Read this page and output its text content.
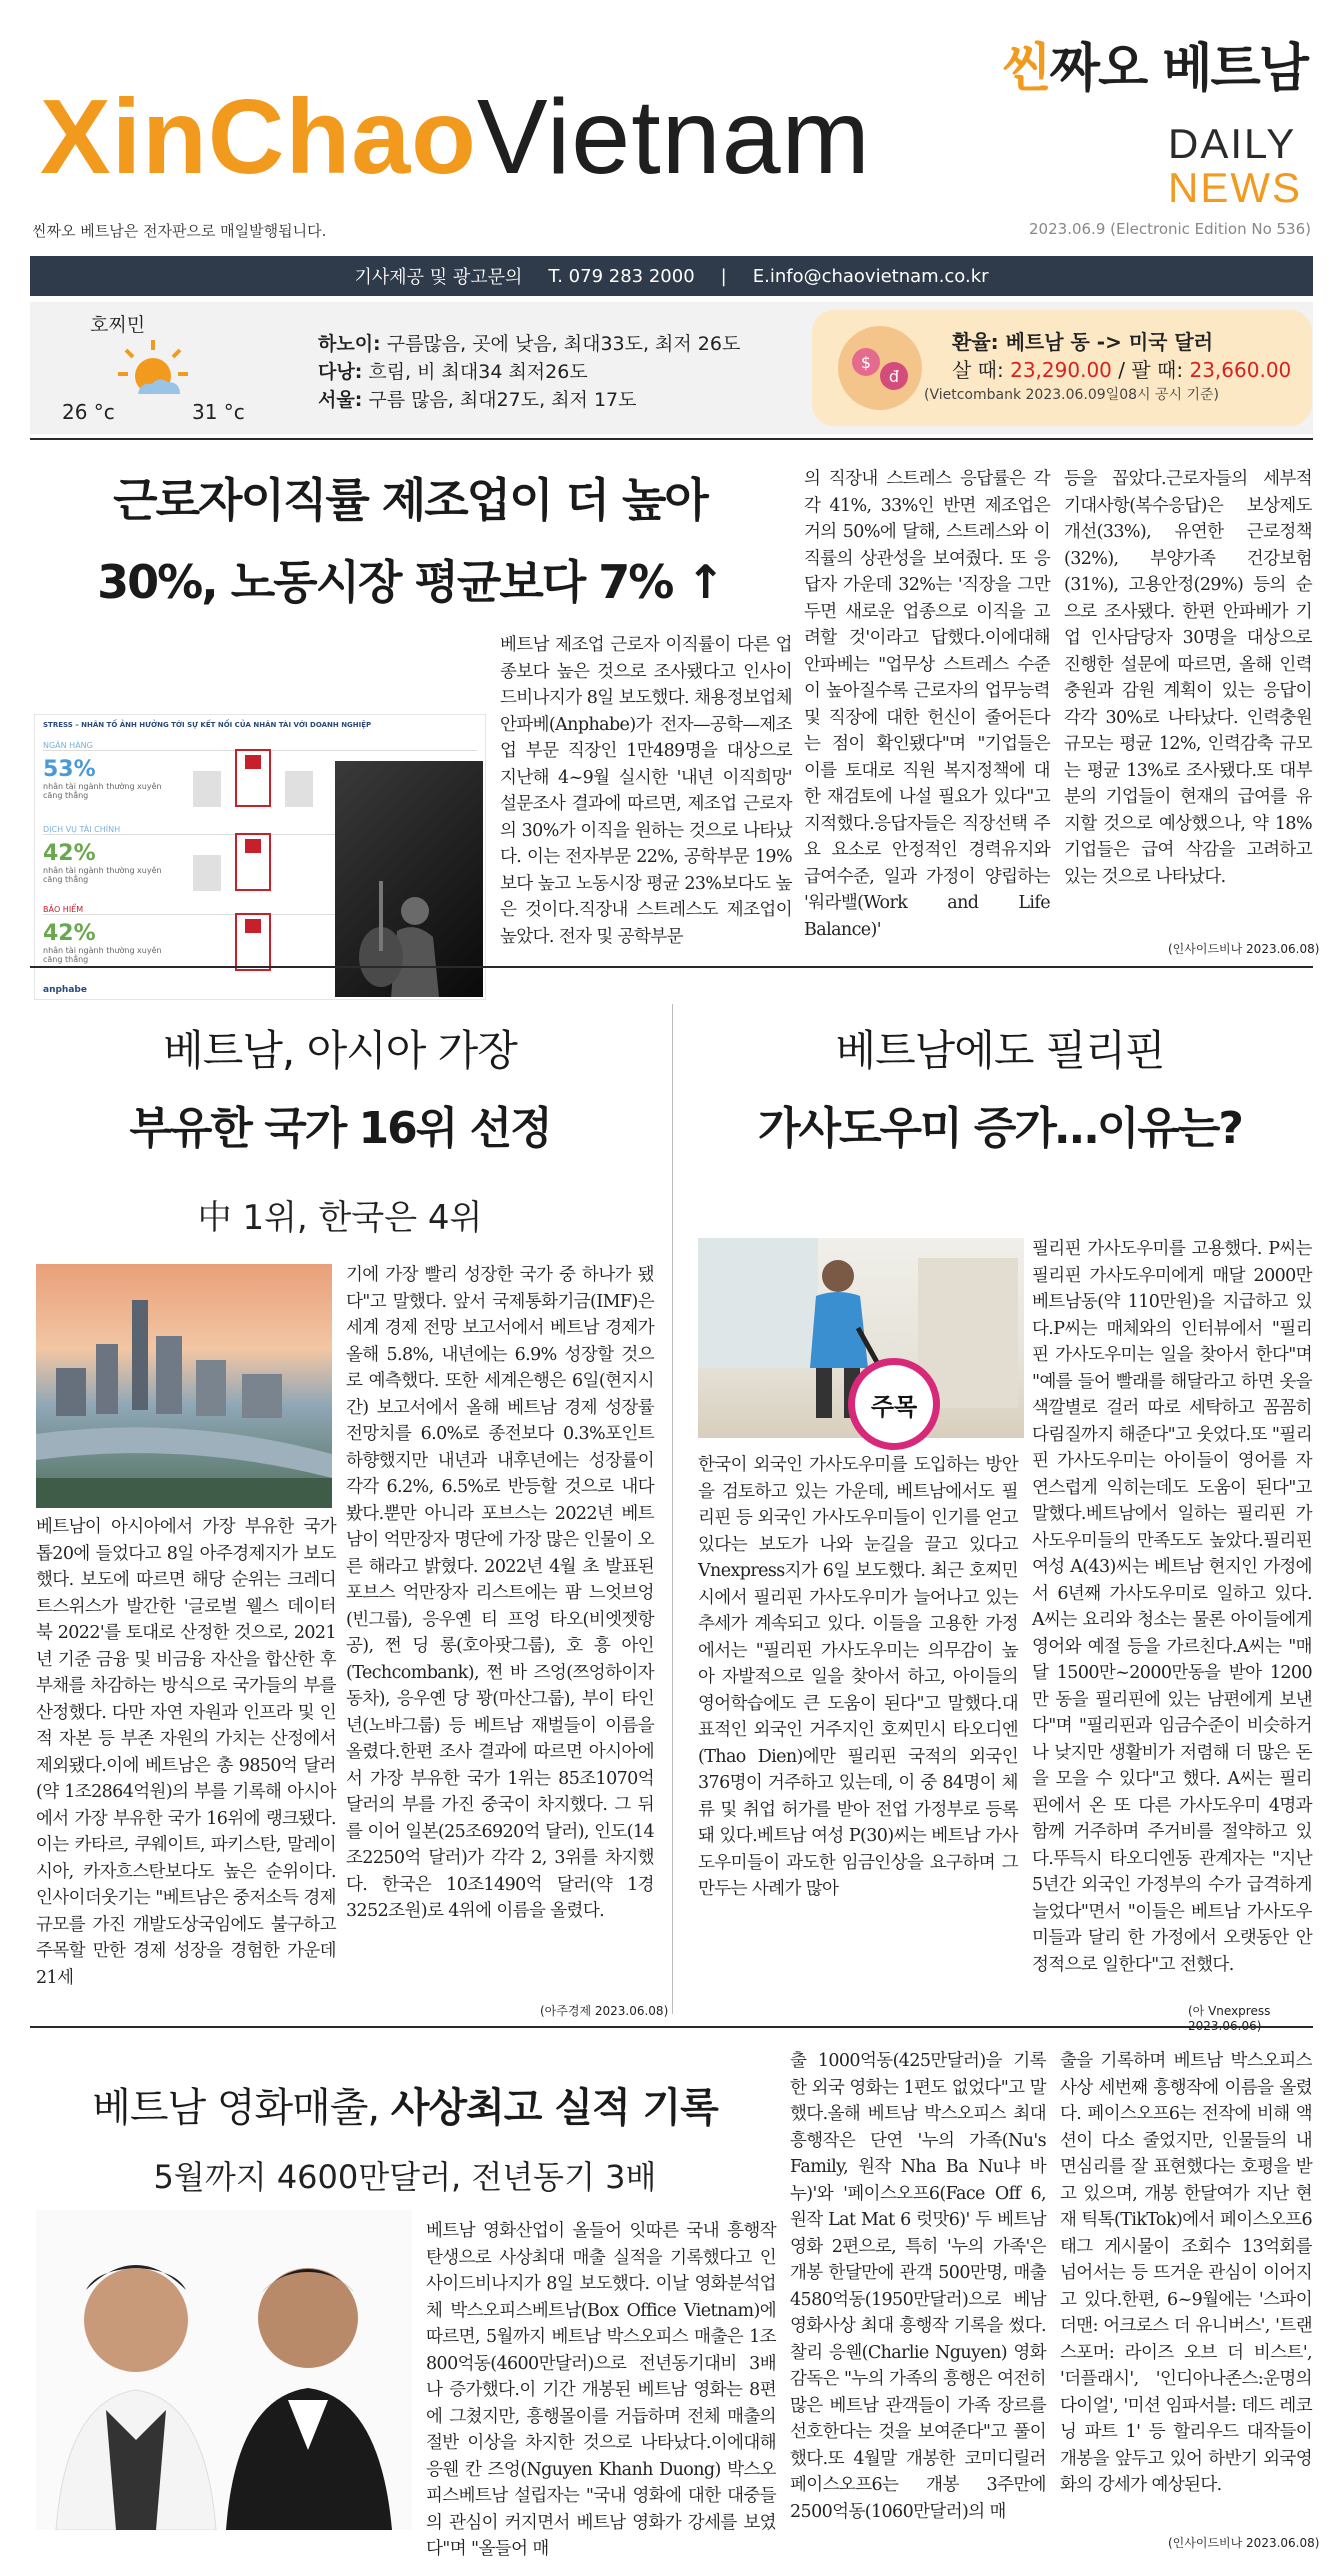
씬짜오 베트남
XinChaoVietnam	DAILY
NEWS
씬짜오 베트남은 전자판으로 매일발행됩니다.	2023.06.9 (Electronic Edition No 536)
기사제공 및 광고문의 T. 079 283 2000 | E.info@chaovietnam.co.kr
호찌민
26 °c	31 °c
하노이: 구름많음, 곳에 낮음, 최대33도, 최저 26도
다낭: 흐림, 비 최대34 최저26도
서울: 구름 많음, 최대27도, 최저 17도
$
đ
환율: 베트남 동 -> 미국 달러
살 때: 23,290.00 / 팔 때: 23,660.00
(Vietcombank 2023.06.09일08시 공시 기준)
근로자이직률 제조업이 더 높아
30%, 노동시장 평균보다 7% ↑
STRESS – NHÂN TỐ ẢNH HƯỞNG TỚI SỰ KẾT NỐI CỦA NHÂN TÀI VỚI DOANH NGHIỆP
NGÂN HÀNG
53%
nhân tài ngành thường xuyên căng thẳng
DỊCH VỤ TÀI CHÍNH
42%
nhân tài ngành thường xuyên căng thẳng
BẢO HIỂM
42%
nhân tài ngành thường xuyên căng thẳng
anphabe
베트남 제조업 근로자 이직률이 다른 업종보다 높은 것으로 조사됐다고 인사이드비나지가 8일 보도했다. 채용정보업체 안파베(Anphabe)가 전자—공학—제조업 부문 직장인 1만489명을 대상으로 지난해 4~9월 실시한 '내년 이직희망' 설문조사 결과에 따르면, 제조업 근로자의 30%가 이직을 원하는 것으로 나타났다. 이는 전자부문 22%, 공학부문 19%보다 높고 노동시장 평균 23%보다도 높은 것이다.직장내 스트레스도 제조업이 높았다. 전자 및 공학부문
의 직장내 스트레스 응답률은 각각 41%, 33%인 반면 제조업은 거의 50%에 달해, 스트레스와 이직률의 상관성을 보여줬다. 또 응답자 가운데 32%는 '직장을 그만두면 새로운 업종으로 이직을 고려할 것'이라고 답했다.이에대해 안파베는 "업무상 스트레스 수준이 높아질수록 근로자의 업무능력 및 직장에 대한 헌신이 줄어든다는 점이 확인됐다"며 "기업들은 이를 토대로 직원 복지정책에 대한 재검토에 나설 필요가 있다"고 지적했다.응답자들은 직장선택 주요 요소로 안정적인 경력유지와 급여수준, 일과 가정이 양립하는 '워라밸(Work and Life Balance)'
등을 꼽았다.근로자들의 세부적 기대사항(복수응답)은 보상제도 개선(33%), 유연한 근로정책(32%), 부양가족 건강보험(31%), 고용안정(29%) 등의 순으로 조사됐다. 한편 안파베가 기업 인사담당자 30명을 대상으로 진행한 설문에 따르면, 올해 인력 충원과 감원 계획이 있는 응답이 각각 30%로 나타났다. 인력충원 규모는 평균 12%, 인력감축 규모는 평균 13%로 조사됐다.또 대부분의 기업들이 현재의 급여를 유지할 것으로 예상했으나, 약 18% 기업들은 급여 삭감을 고려하고 있는 것으로 나타났다.
(인사이드비나 2023.06.08)
베트남, 아시아 가장
부유한 국가 16위 선정
中 1위, 한국은 4위
기에 가장 빨리 성장한 국가 중 하나가 됐다"고 말했다. 앞서 국제통화기금(IMF)은 세계 경제 전망 보고서에서 베트남 경제가 올해 5.8%, 내년에는 6.9% 성장할 것으로 예측했다. 또한 세계은행은 6일(현지시간) 보고서에서 올해 베트남 경제 성장률 전망치를 6.0%로 종전보다 0.3%포인트 하향했지만 내년과 내후년에는 성장률이 각각 6.2%, 6.5%로 반등할 것으로 내다봤다.뿐만 아니라 포브스는 2022년 베트남이 억만장자 명단에 가장 많은 인물이 오른 해라고 밝혔다. 2022년 4월 초 발표된 포브스 억만장자 리스트에는 팜 느엇브엉(빈그룹), 응우옌 티 프엉 타오(비엣젯항공), 쩐 딩 롱(호아팟그룹), 호 흥 아인(Techcombank), 쩐 바 즈엉(쯔엉하이자동차), 응우옌 당 꽝(마산그룹), 부이 타인 년(노바그룹) 등 베트남 재벌들이 이름을 올렸다.한편 조사 결과에 따르면 아시아에서 가장 부유한 국가 1위는 85조1070억 달러의 부를 가진 중국이 차지했다. 그 뒤를 이어 일본(25조6920억 달러), 인도(14조2250억 달러)가 각각 2, 3위를 차지했다. 한국은 10조1490억 달러(약 1경3252조원)로 4위에 이름을 올렸다.
베트남이 아시아에서 가장 부유한 국가 톱20에 들었다고 8일 아주경제지가 보도했다. 보도에 따르면 해당 순위는 크레디트스위스가 발간한 '글로벌 웰스 데이터북 2022'를 토대로 산정한 것으로, 2021년 기준 금융 및 비금융 자산을 합산한 후 부채를 차감하는 방식으로 국가들의 부를 산정했다. 다만 자연 자원과 인프라 및 인적 자본 등 부존 자원의 가치는 산정에서 제외됐다.이에 베트남은 총 9850억 달러(약 1조2864억원)의 부를 기록해 아시아에서 가장 부유한 국가 16위에 랭크됐다. 이는 카타르, 쿠웨이트, 파키스탄, 말레이시아, 카자흐스탄보다도 높은 순위이다.인사이더웃기는 "베트남은 중저소득 경제 규모를 가진 개발도상국임에도 불구하고 주목할 만한 경제 성장을 경험한 가운데 21세
(아주경제 2023.06.08)
베트남에도 필리핀
가사도우미 증가…이유는?
주목
필리핀 가사도우미를 고용했다. P씨는 필리핀 가사도우미에게 매달 2000만 베트남동(약 110만원)을 지급하고 있다.P씨는 매체와의 인터뷰에서 "필리핀 가사도우미는 일을 찾아서 한다"며 "예를 들어 빨래를 해달라고 하면 옷을 색깔별로 걸러 따로 세탁하고 꼼꼼히 다림질까지 해준다"고 웃었다.또 "필리핀 가사도우미는 아이들이 영어를 자연스럽게 익히는데도 도움이 된다"고 말했다.베트남에서 일하는 필리핀 가사도우미들의 만족도도 높았다.필리핀 여성 A(43)씨는 베트남 현지인 가정에서 6년째 가사도우미로 일하고 있다. A씨는 요리와 청소는 물론 아이들에게 영어와 예절 등을 가르친다.A씨는 "매달 1500만~2000만동을 받아 1200만 동을 필리핀에 있는 남편에게 보낸다"며 "필리핀과 임금수준이 비슷하거나 낮지만 생활비가 저렴해 더 많은 돈을 모을 수 있다"고 했다. A씨는 필리핀에서 온 또 다른 가사도우미 4명과 함께 거주하며 주거비를 절약하고 있다.뚜득시 타오디엔동 관계자는 "지난 5년간 외국인 가정부의 수가 급격하게 늘었다"면서 "이들은 베트남 가사도우미들과 달리 한 가정에서 오랫동안 안정적으로 일한다"고 전했다.
한국이 외국인 가사도우미를 도입하는 방안을 검토하고 있는 가운데, 베트남에서도 필리핀 등 외국인 가사도우미들이 인기를 얻고 있다는 보도가 나와 눈길을 끌고 있다고 Vnexpress지가 6일 보도했다. 최근 호찌민시에서 필리핀 가사도우미가 늘어나고 있는 추세가 계속되고 있다. 이들을 고용한 가정에서는 "필리핀 가사도우미는 의무감이 높아 자발적으로 일을 찾아서 하고, 아이들의 영어학습에도 큰 도움이 된다"고 말했다.대표적인 외국인 거주지인 호찌민시 타오디엔(Thao Dien)에만 필리핀 국적의 외국인 376명이 거주하고 있는데, 이 중 84명이 체류 및 취업 허가를 받아 전업 가정부로 등록돼 있다.베트남 여성 P(30)씨는 베트남 가사도우미들이 과도한 임금인상을 요구하며 그만두는 사례가 많아
(아 Vnexpress
베트남 영화매출, 사상최고 실적 기록
5월까지 4600만달러, 전년동기 3배
베트남 영화산업이 올들어 잇따른 국내 흥행작 탄생으로 사상최대 매출 실적을 기록했다고 인사이드비나지가 8일 보도했다. 이날 영화분석업체 박스오피스베트남(Box Office Vietnam)에 따르면, 5월까지 베트남 박스오피스 매출은 1조800억동(4600만달러)으로 전년동기대비 3배나 증가했다.이 기간 개봉된 베트남 영화는 8편에 그쳤지만, 흥행몰이를 거듭하며 전체 매출의 절반 이상을 차지한 것으로 나타났다.이에대해 응웬 칸 즈엉(Nguyen Khanh Duong) 박스오피스베트남 설립자는 "국내 영화에 대한 대중들의 관심이 커지면서 베트남 영화가 강세를 보였다"며 "올들어 매
출 1000억동(425만달러)을 기록한 외국 영화는 1편도 없었다"고 말했다.올해 베트남 박스오피스 최대 흥행작은 단연 '누의 가족(Nu's Family, 원작 Nha Ba Nu냐 바 누)'와 '페이스오프6(Face Off 6, 원작 Lat Mat 6 럿맛6)' 두 베트남 영화 2편으로, 특히 '누의 가족'은 개봉 한달만에 관객 500만명, 매출 4580억동(1950만달러)으로 베남 영화사상 최대 흥행작 기록을 썼다.찰리 응웬(Charlie Nguyen) 영화감독은 "누의 가족의 흥행은 여전히 많은 베트남 관객들이 가족 장르를 선호한다는 것을 보여준다"고 풀이했다.또 4월말 개봉한 코미디릴러 페이스오프6는 개봉 3주만에 2500억동(1060만달러)의 매
출을 기록하며 베트남 박스오피스 사상 세번째 흥행작에 이름을 올렸다. 페이스오프6는 전작에 비해 액션이 다소 줄었지만, 인물들의 내면심리를 잘 표현했다는 호평을 받고 있으며, 개봉 한달여가 지난 현재 틱톡(TikTok)에서 페이스오프6 태그 게시물이 조회수 13억회를 넘어서는 등 뜨거운 관심이 이어지고 있다.한편, 6~9월에는 '스파이더맨: 어크로스 더 유니버스', '트랜스포머: 라이즈 오브 더 비스트', '더플래시', '인디아나존스:운명의 다이얼', '미션 임파서블: 데드 레코닝 파트 1' 등 할리우드 대작들이 개봉을 앞두고 있어 하반기 외국영화의 강세가 예상된다.
(인사이드비나 2023.06.08)
